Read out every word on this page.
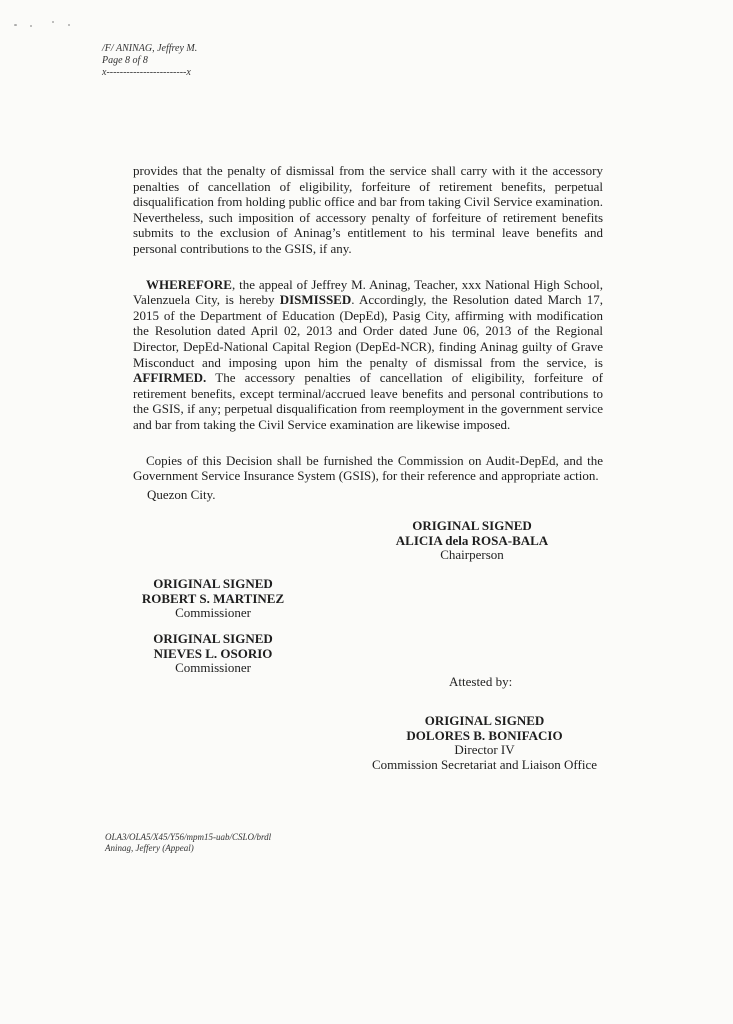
/F/ ANINAG, Jeffrey M.
Page 8 of 8
x------------------------x

provides that the penalty of dismissal from the service shall carry with it the accessory penalties of cancellation of eligibility, forfeiture of retirement benefits, perpetual disqualification from holding public office and bar from taking Civil Service examination. Nevertheless, such imposition of accessory penalty of forfeiture of retirement benefits submits to the exclusion of Aninag’s entitlement to his terminal leave benefits and personal contributions to the GSIS, if any.

WHEREFORE, the appeal of Jeffrey M. Aninag, Teacher, xxx National High School, Valenzuela City, is hereby DISMISSED. Accordingly, the Resolution dated March 17, 2015 of the Department of Education (DepEd), Pasig City, affirming with modification the Resolution dated April 02, 2013 and Order dated June 06, 2013 of the Regional Director, DepEd-National Capital Region (DepEd-NCR), finding Aninag guilty of Grave Misconduct and imposing upon him the penalty of dismissal from the service, is AFFIRMED. The accessory penalties of cancellation of eligibility, forfeiture of retirement benefits, except terminal/accrued leave benefits and personal contributions to the GSIS, if any; perpetual disqualification from reemployment in the government service and bar from taking the Civil Service examination are likewise imposed.

Copies of this Decision shall be furnished the Commission on Audit-DepEd, and the Government Service Insurance System (GSIS), for their reference and appropriate action.

Quezon City.
ORIGINAL SIGNED
ALICIA dela ROSA-BALA
Chairperson
ORIGINAL SIGNED
ROBERT S. MARTINEZ
Commissioner
ORIGINAL SIGNED
NIEVES L. OSORIO
Commissioner
Attested by:
ORIGINAL SIGNED
DOLORES B. BONIFACIO
Director IV
Commission Secretariat and Liaison Office
OLA3/OLA5/X45/Y56/mpm15-uab/CSLO/brdl
Aninag, Jeffery (Appeal)
